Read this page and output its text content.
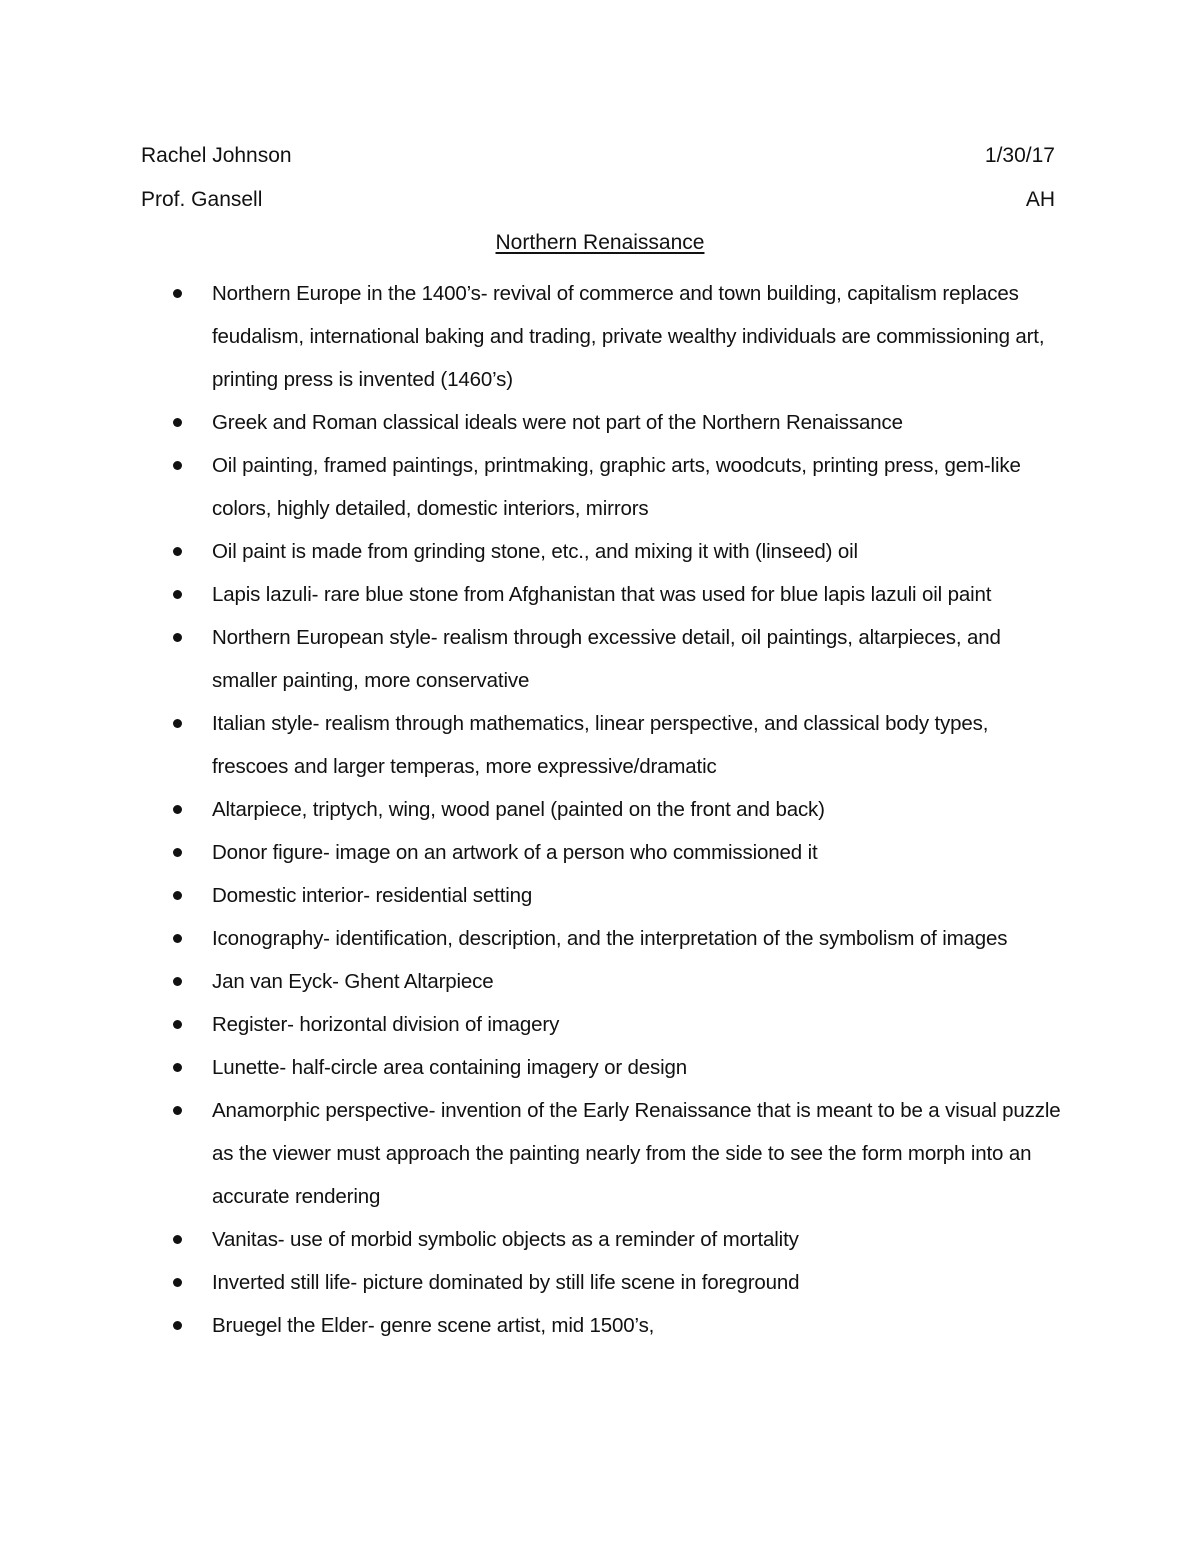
Rachel Johnson	1/30/17
Prof. Gansell	AH
Northern Renaissance
Northern Europe in the 1400’s- revival of commerce and town building, capitalism replaces feudalism, international baking and trading, private wealthy individuals are commissioning art, printing press is invented (1460’s)
Greek and Roman classical ideals were not part of the Northern Renaissance
Oil painting, framed paintings, printmaking, graphic arts, woodcuts, printing press, gem-like colors, highly detailed, domestic interiors, mirrors
Oil paint is made from grinding stone, etc., and mixing it with (linseed) oil
Lapis lazuli- rare blue stone from Afghanistan that was used for blue lapis lazuli oil paint
Northern European style- realism through excessive detail, oil paintings, altarpieces, and smaller painting, more conservative
Italian style- realism through mathematics, linear perspective, and classical body types, frescoes and larger temperas, more expressive/dramatic
Altarpiece, triptych, wing, wood panel (painted on the front and back)
Donor figure- image on an artwork of a person who commissioned it
Domestic interior- residential setting
Iconography- identification, description, and the interpretation of the symbolism of images
Jan van Eyck- Ghent Altarpiece
Register- horizontal division of imagery
Lunette- half-circle area containing imagery or design
Anamorphic perspective- invention of the Early Renaissance that is meant to be a visual puzzle as the viewer must approach the painting nearly from the side to see the form morph into an accurate rendering
Vanitas- use of morbid symbolic objects as a reminder of mortality
Inverted still life- picture dominated by still life scene in foreground
Bruegel the Elder- genre scene artist, mid 1500’s,
